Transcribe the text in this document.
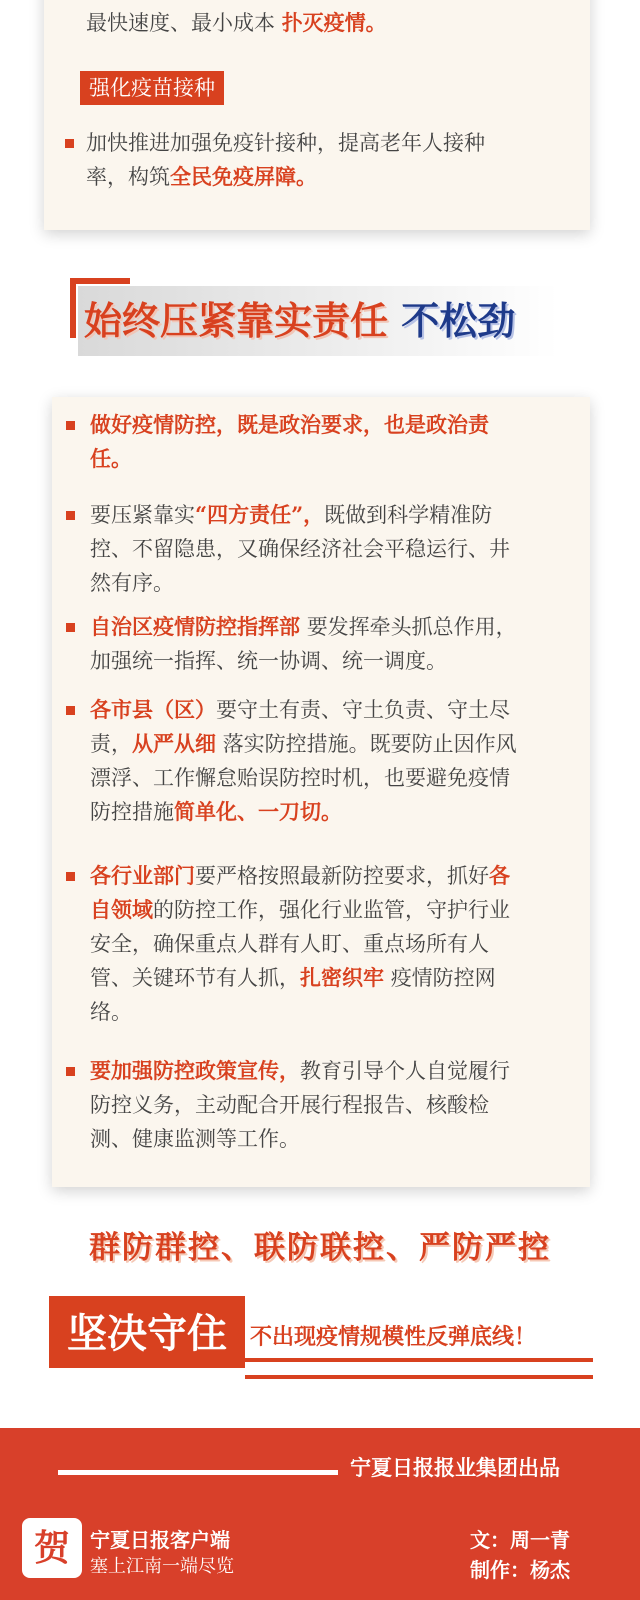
最快速度、最小成本 扑灭疫情。
强化疫苗接种
加快推进加强免疫针接种，提高老年人接种率，构筑全民免疫屏障。
始终压紧靠实责任 不松劲
做好疫情防控，既是政治要求，也是政治责任。
要压紧靠实“四方责任”，既做到科学精准防控、不留隐患，又确保经济社会平稳运行、井然有序。
自治区疫情防控指挥部 要发挥牵头抓总作用，加强统一指挥、统一协调、统一调度。
各市县（区）要守土有责、守土负责、守土尽责，从严从细 落实防控措施。既要防止因作风漂浮、工作懈怠贻误防控时机，也要避免疫情防控措施简单化、一刀切。
各行业部门要严格按照最新防控要求，抓好各自领域的防控工作，强化行业监管，守护行业安全，确保重点人群有人盯、重点场所有人管、关键环节有人抓，扎密织牢 疫情防控网络。
要加强防控政策宣传，教育引导个人自觉履行防控义务，主动配合开展行程报告、核酸检测、健康监测等工作。
群防群控、联防联控、严防严控
坚决守住	不出现疫情规模性反弹底线！
宁夏日报报业集团出品
贺	宁夏日报客户端
塞上江南一端尽览
文：周一青
制作：杨杰
